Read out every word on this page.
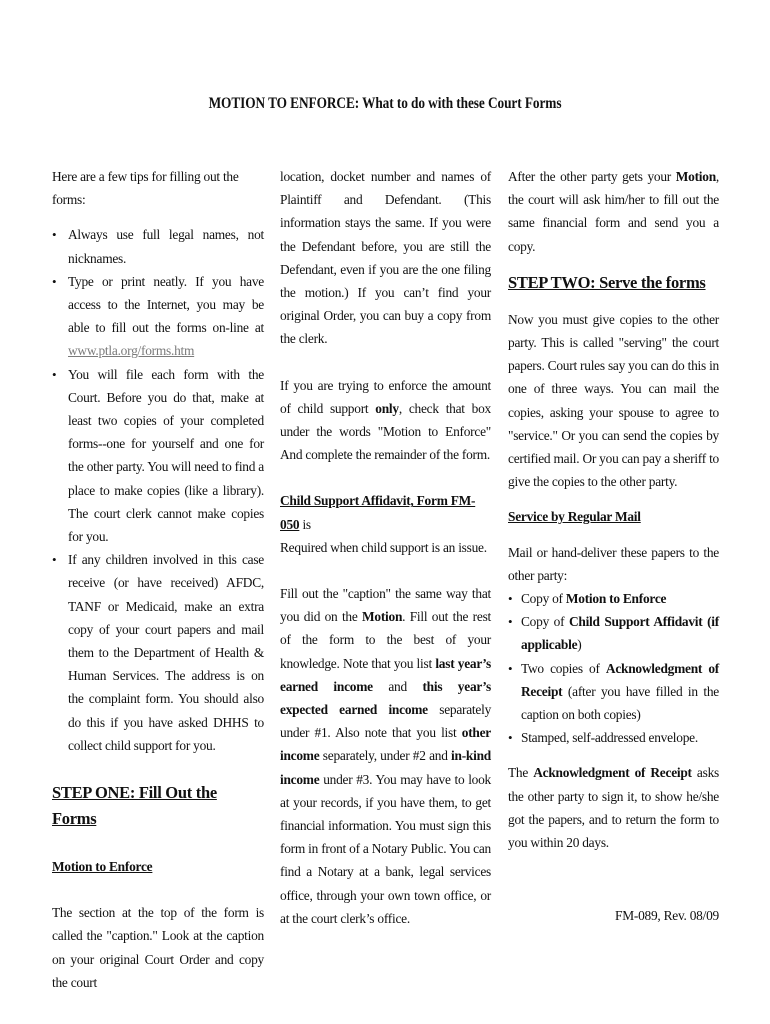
MOTION TO ENFORCE: What to do with these Court Forms

Here are a few tips for filling out the forms:

• Always use full legal names, not nicknames.
• Type or print neatly. If you have access to the Internet, you may be able to fill out the forms on-line at www.ptla.org/forms.htm
• You will file each form with the Court. Before you do that, make at least two copies of your completed forms--one for yourself and one for the other party. You will need to find a place to make copies (like a library). The court clerk cannot make copies for you.
• If any children involved in this case receive (or have received) AFDC, TANF or Medicaid, make an extra copy of your court papers and mail them to the Department of Health & Human Services. The address is on the complaint form. You should also do this if you have asked DHHS to collect child support for you.
STEP ONE: Fill Out the Forms
Motion to Enforce

The section at the top of the form is called the "caption." Look at the caption on your original Court Order and copy the court

location, docket number and names of Plaintiff and Defendant. (This information stays the same. If you were the Defendant before, you are still the Defendant, even if you are the one filing the motion.) If you can’t find your original Order, you can buy a copy from the clerk.

If you are trying to enforce the amount of child support only, check that box under the words "Motion to Enforce" And complete the remainder of the form.

Child Support Affidavit, Form FM-050 is
Required when child support is an issue.

Fill out the "caption" the same way that you did on the Motion. Fill out the rest of the form to the best of your knowledge. Note that you list last year’s earned income and this year’s expected earned income separately under #1. Also note that you list other income separately, under #2 and in-kind income under #3. You may have to look at your records, if you have them, to get financial information. You must sign this form in front of a Notary Public. You can find a Notary at a bank, legal services office, through your own town office, or at the court clerk’s office.

After the other party gets your Motion, the court will ask him/her to fill out the same financial form and send you a copy.

STEP TWO: Serve the forms

Now you must give copies to the other party. This is called "serving" the court papers. Court rules say you can do this in one of three ways. You can mail the copies, asking your spouse to agree to "service." Or you can send the copies by certified mail. Or you can pay a sheriff to give the copies to the other party.

Service by Regular Mail

Mail or hand-deliver these papers to the other party:

• Copy of Motion to Enforce
• Copy of Child Support Affidavit (if applicable)
• Two copies of Acknowledgment of Receipt (after you have filled in the caption on both copies)
• Stamped, self-addressed envelope.

The Acknowledgment of Receipt asks the other party to sign it, to show he/she got the papers, and to return the form to you within 20 days.

FM-089, Rev. 08/09
